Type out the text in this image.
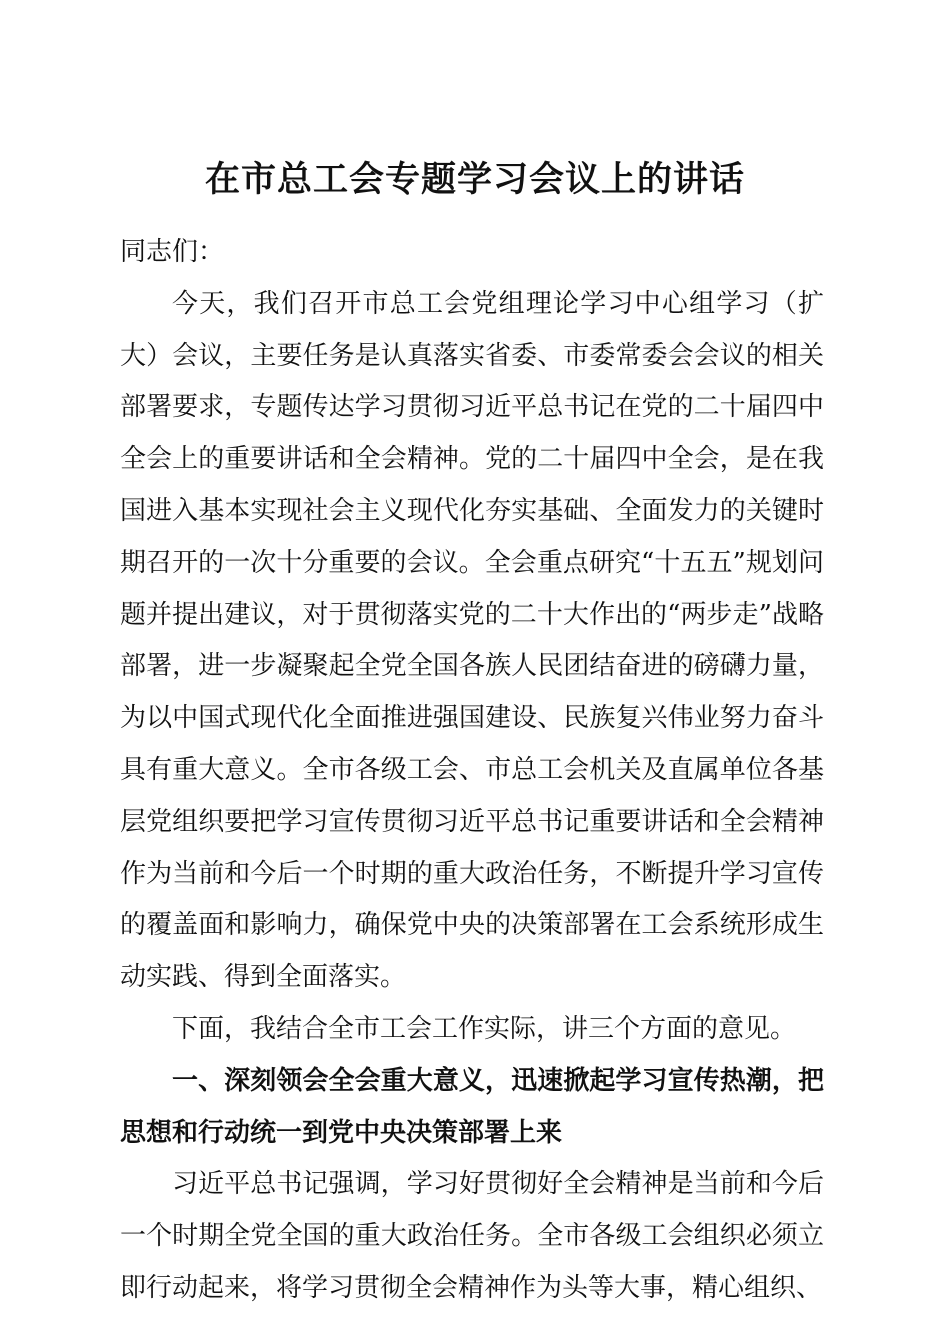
在市总工会专题学习会议上的讲话

同志们：

今天，我们召开市总工会党组理论学习中心组学习（扩大）会议，主要任务是认真落实省委、市委常委会会议的相关部署要求，专题传达学习贯彻习近平总书记在党的二十届四中全会上的重要讲话和全会精神。党的二十届四中全会，是在我国进入基本实现社会主义现代化夯实基础、全面发力的关键时期召开的一次十分重要的会议。全会重点研究“十五五”规划问题并提出建议，对于贯彻落实党的二十大作出的“两步走”战略部署，进一步凝聚起全党全国各族人民团结奋进的磅礴力量，为以中国式现代化全面推进强国建设、民族复兴伟业努力奋斗具有重大意义。全市各级工会、市总工会机关及直属单位各基层党组织要把学习宣传贯彻习近平总书记重要讲话和全会精神作为当前和今后一个时期的重大政治任务，不断提升学习宣传的覆盖面和影响力，确保党中央的决策部署在工会系统形成生动实践、得到全面落实。

下面，我结合全市工会工作实际，讲三个方面的意见。

一、深刻领会全会重大意义，迅速掀起学习宣传热潮，把思想和行动统一到党中央决策部署上来

习近平总书记强调，学习好贯彻好全会精神是当前和今后一个时期全党全国的重大政治任务。全市各级工会组织必须立即行动起来，将学习贯彻全会精神作为头等大事，精心组织、
